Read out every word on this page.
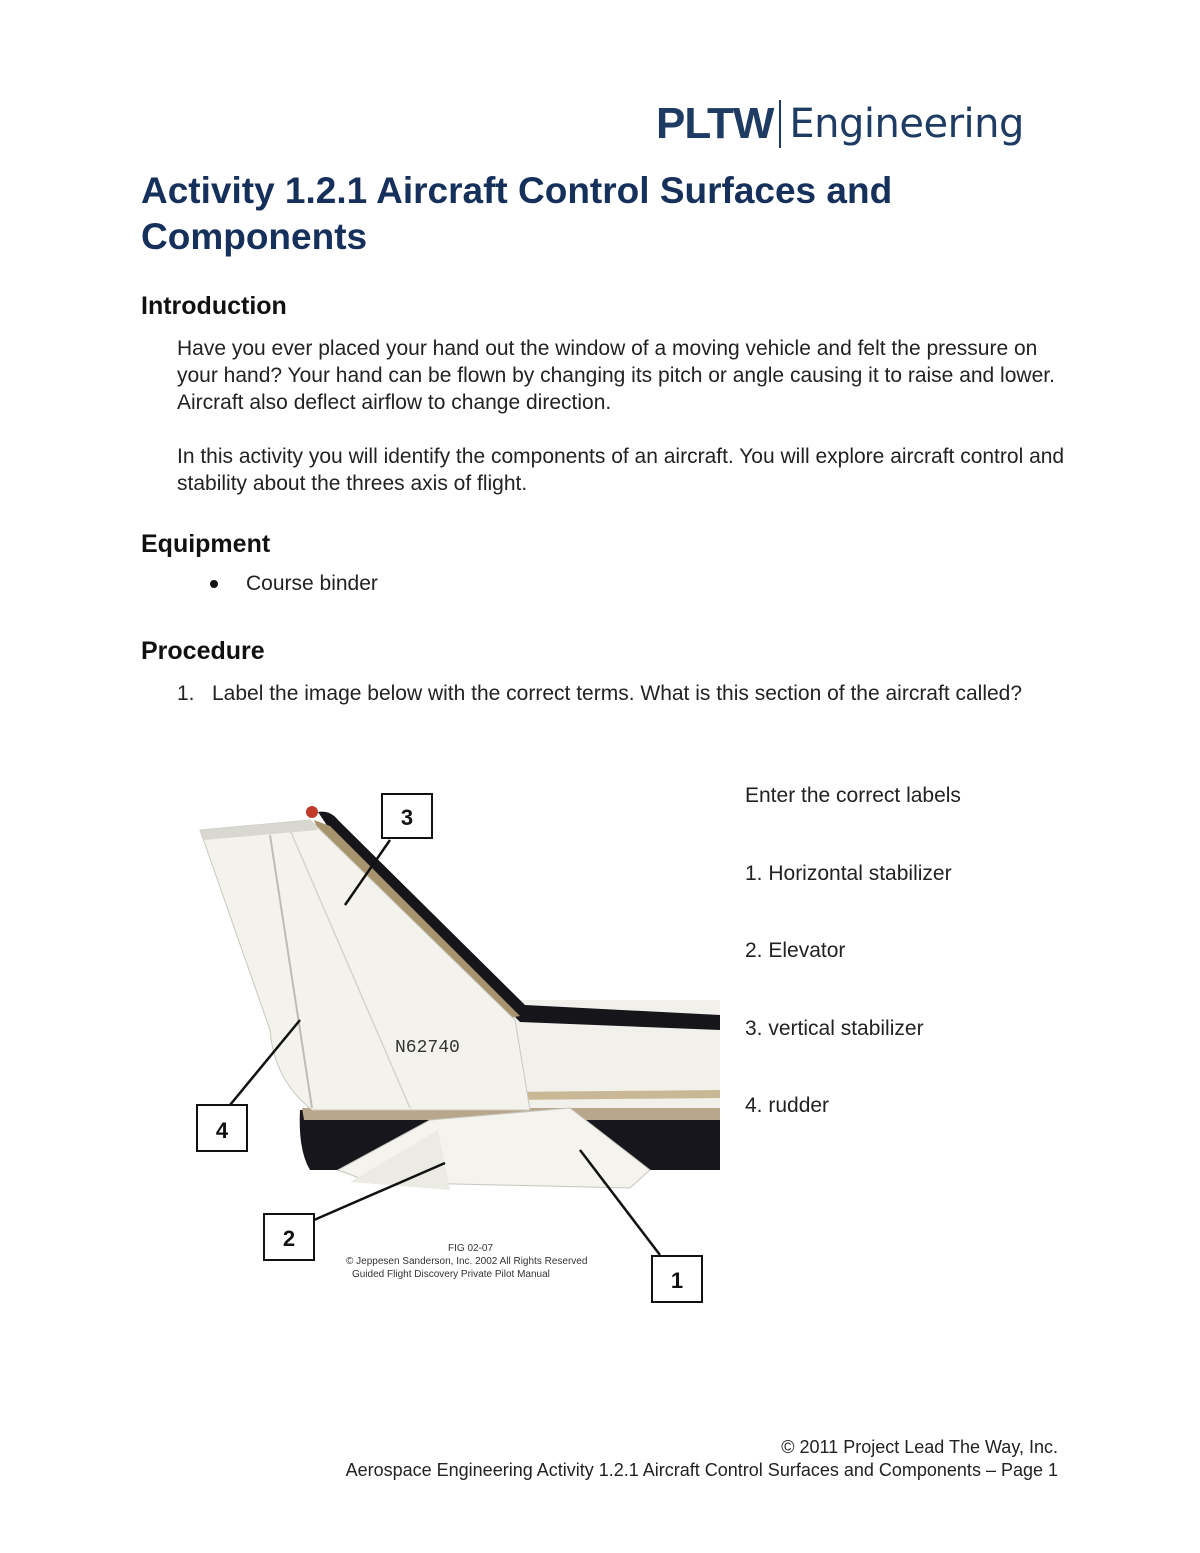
PLTW Engineering
Activity 1.2.1 Aircraft Control Surfaces and Components
Introduction

Have you ever placed your hand out the window of a moving vehicle and felt the pressure on your hand? Your hand can be flown by changing its pitch or angle causing it to raise and lower. Aircraft also deflect airflow to change direction.

In this activity you will identify the components of an aircraft. You will explore aircraft control and stability about the threes axis of flight.

Equipment
Course binder
Procedure
1. Label the image below with the correct terms. What is this section of the aircraft called?
N62740
3
4
2
1
FIG 02-07
© Jeppesen Sanderson, Inc. 2002 All Rights Reserved
Guided Flight Discovery Private Pilot Manual
Enter the correct labels
1. Horizontal stabilizer
2. Elevator
3. vertical stabilizer
4. rudder
© 2011 Project Lead The Way, Inc.
Aerospace Engineering Activity 1.2.1 Aircraft Control Surfaces and Components – Page 1
